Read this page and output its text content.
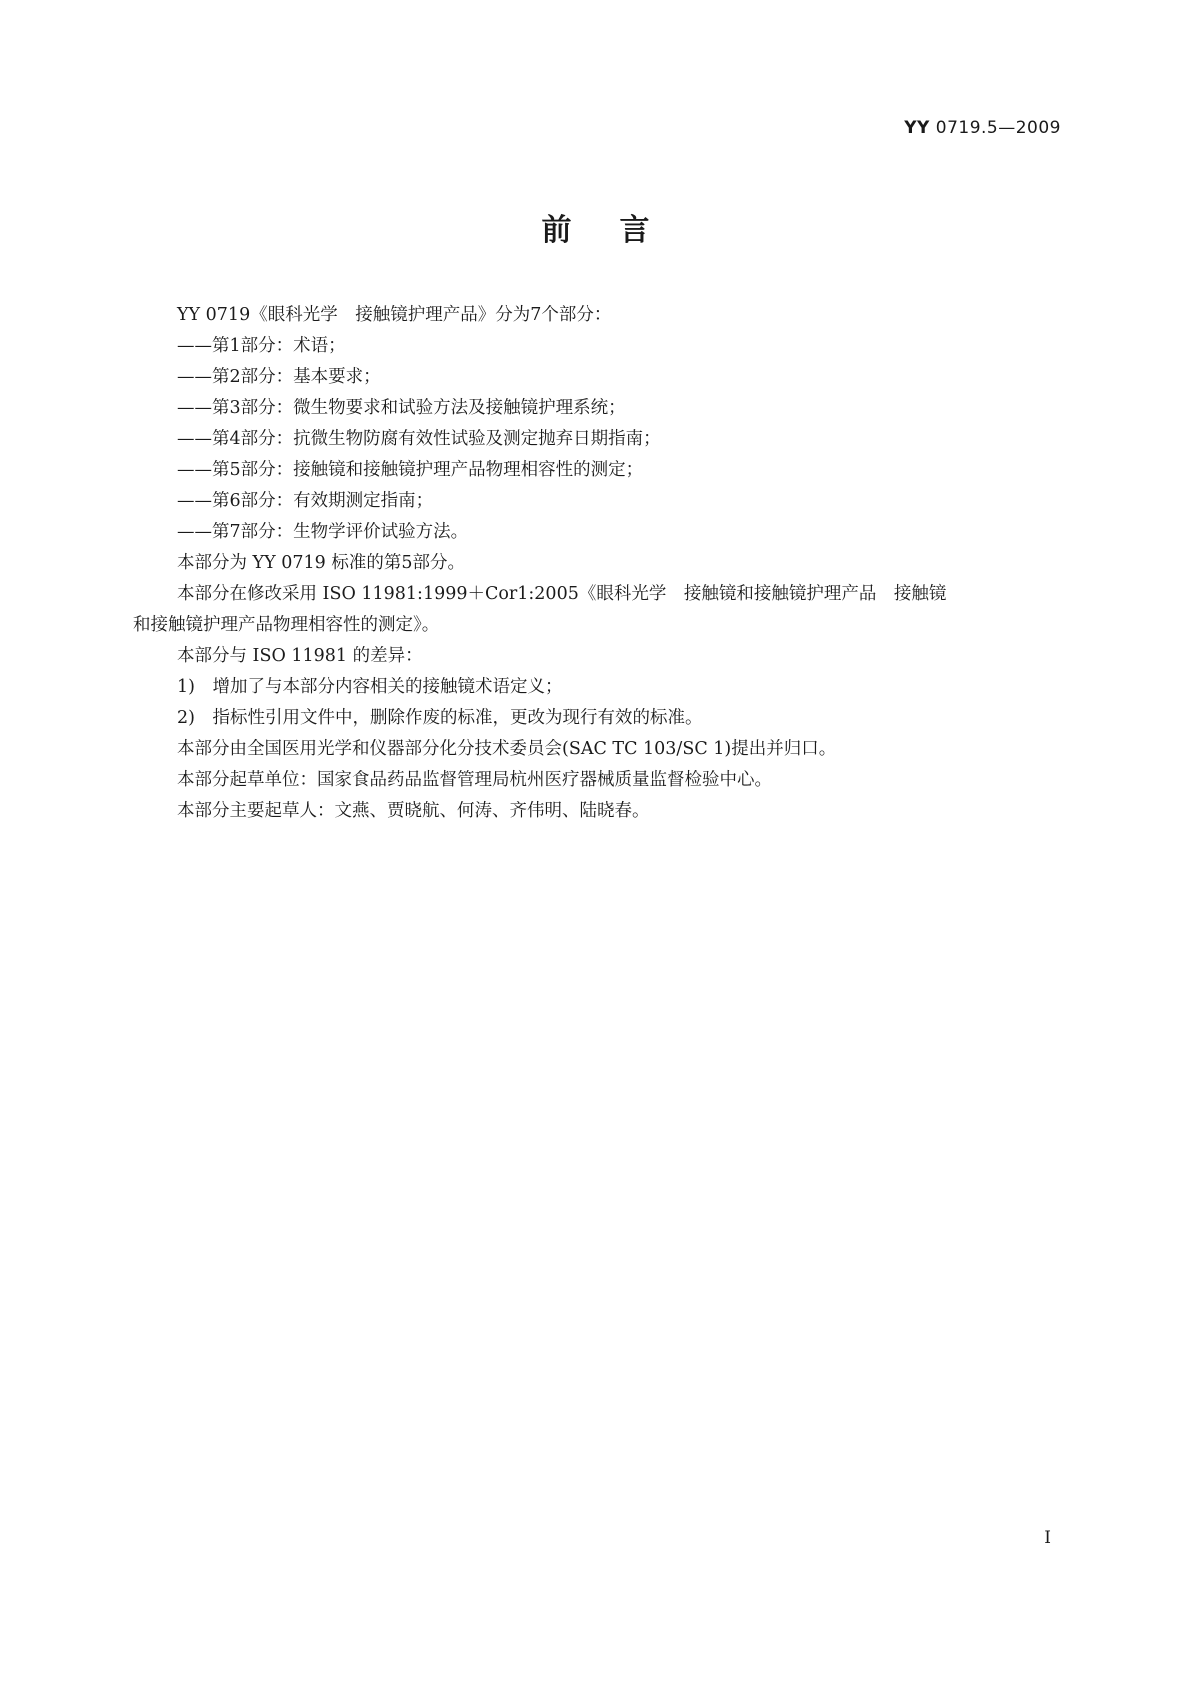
YY 0719.5—2009

前言

YY 0719《眼科光学　接触镜护理产品》分为7个部分：

——第1部分：术语；

——第2部分：基本要求；

——第3部分：微生物要求和试验方法及接触镜护理系统；

——第4部分：抗微生物防腐有效性试验及测定抛弃日期指南；

——第5部分：接触镜和接触镜护理产品物理相容性的测定；

——第6部分：有效期测定指南；

——第7部分：生物学评价试验方法。

本部分为 YY 0719 标准的第5部分。

本部分在修改采用 ISO 11981:1999＋Cor1:2005《眼科光学　接触镜和接触镜护理产品　接触镜

和接触镜护理产品物理相容性的测定》。

本部分与 ISO 11981 的差异：

1)　增加了与本部分内容相关的接触镜术语定义；

2)　指标性引用文件中，删除作废的标准，更改为现行有效的标准。

本部分由全国医用光学和仪器部分化分技术委员会(SAC TC 103/SC 1)提出并归口。

本部分起草单位：国家食品药品监督管理局杭州医疗器械质量监督检验中心。

本部分主要起草人：文燕、贾晓航、何涛、齐伟明、陆晓春。

I
